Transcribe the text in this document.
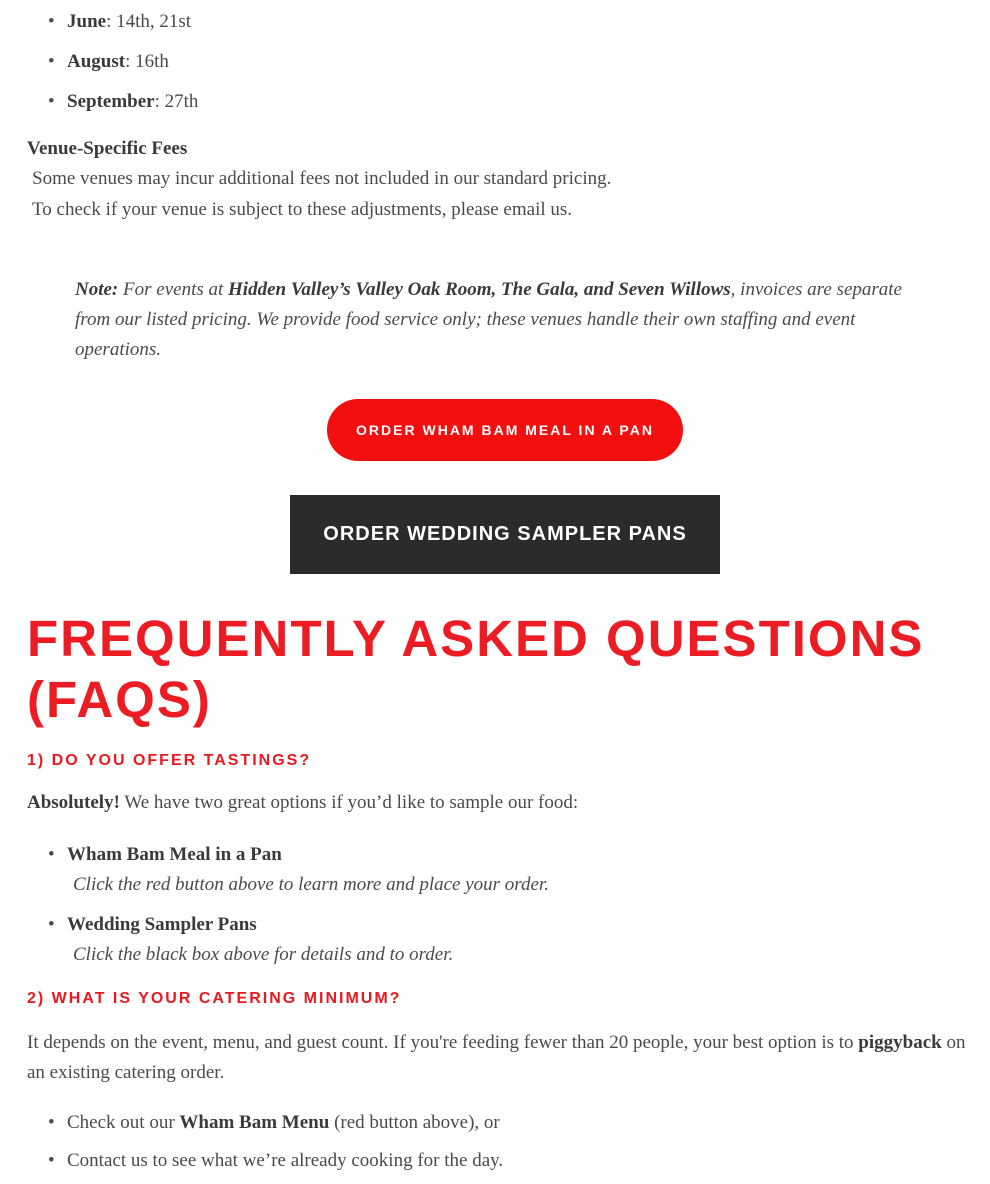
• June: 14th, 21st
• August: 16th
• September: 27th
Venue-Specific Fees
Some venues may incur additional fees not included in our standard pricing.
To check if your venue is subject to these adjustments, please email us.
Note: For events at Hidden Valley’s Valley Oak Room, The Gala, and Seven Willows, invoices are separate from our listed pricing. We provide food service only; these venues handle their own staffing and event operations.
ORDER WHAM BAM MEAL IN A PAN
ORDER WEDDING SAMPLER PANS
FREQUENTLY ASKED QUESTIONS
(FAQS)
1) DO YOU OFFER TASTINGS?
Absolutely! We have two great options if you’d like to sample our food:
• Wham Bam Meal in a Pan
Click the red button above to learn more and place your order.
• Wedding Sampler Pans
Click the black box above for details and to order.
2) WHAT IS YOUR CATERING MINIMUM?
It depends on the event, menu, and guest count. If you're feeding fewer than 20 people, your best option is to piggyback on an existing catering order.
• Check out our Wham Bam Menu (red button above), or
• Contact us to see what we’re already cooking for the day.
